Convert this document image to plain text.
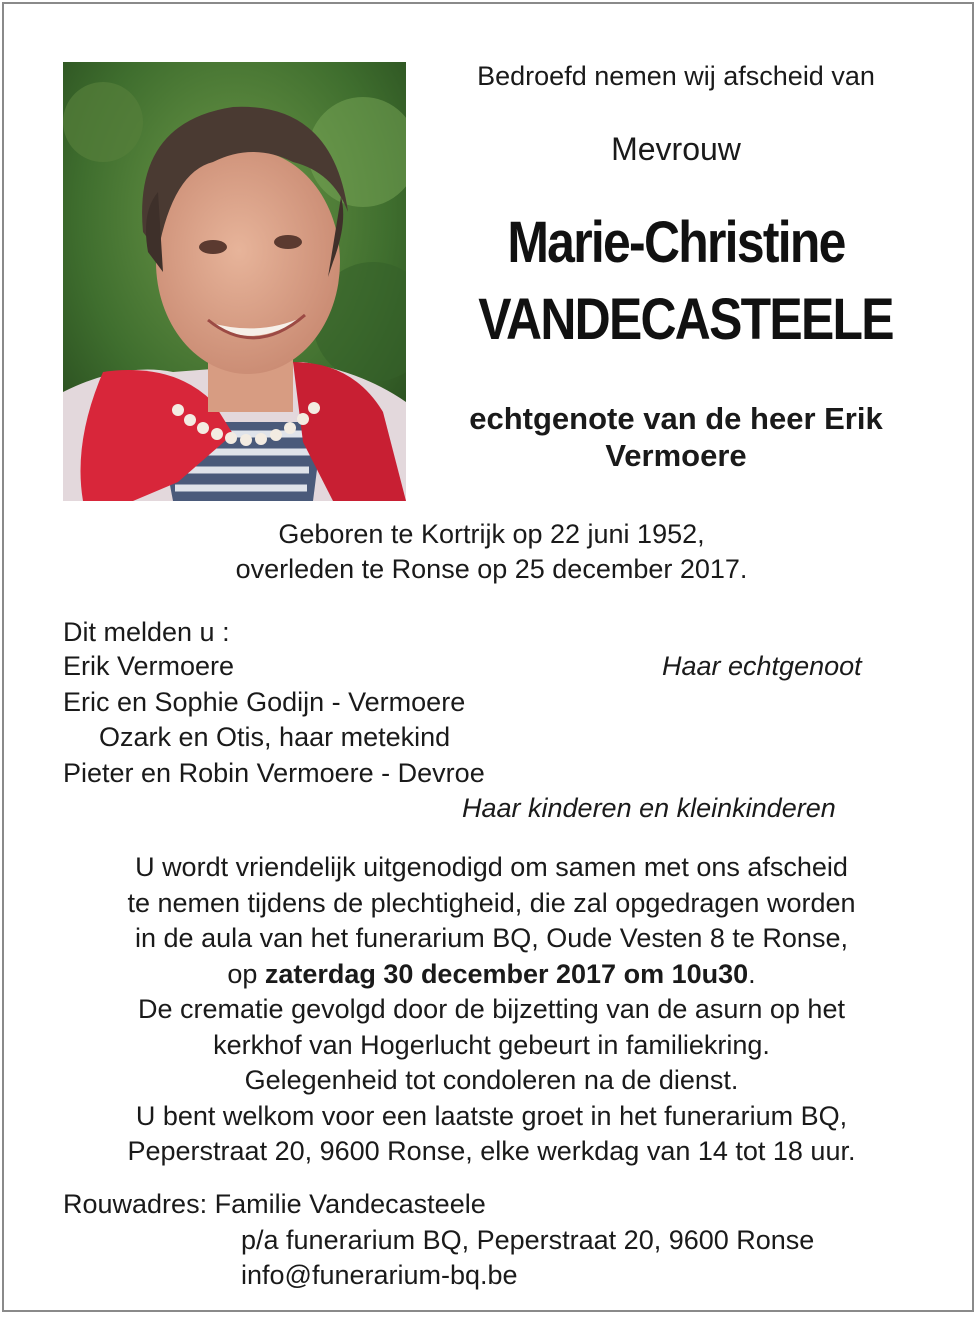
Bedroefd nemen wij afscheid van
Mevrouw
Marie-Christine
VANDECASTEELE
echtgenote van de heer Erik
Vermoere
Geboren te Kortrijk op 22 juni 1952,
overleden te Ronse op 25 december 2017.
Dit melden u :
Erik Vermoere	Haar echtgenoot
Eric en Sophie Godijn - Vermoere
Ozark en Otis, haar metekind
Pieter en Robin Vermoere - Devroe
Haar kinderen en kleinkinderen
U wordt vriendelijk uitgenodigd om samen met ons afscheid
te nemen tijdens de plechtigheid, die zal opgedragen worden
in de aula van het funerarium BQ, Oude Vesten 8 te Ronse,
op zaterdag 30 december 2017 om 10u30.
De crematie gevolgd door de bijzetting van de asurn op het
kerkhof van Hogerlucht gebeurt in familiekring.
Gelegenheid tot condoleren na de dienst.
U bent welkom voor een laatste groet in het funerarium BQ,
Peperstraat 20, 9600 Ronse, elke werkdag van 14 tot 18 uur.
Rouwadres: Familie Vandecasteele
p/a funerarium BQ, Peperstraat 20, 9600 Ronse
info@funerarium-bq.be
